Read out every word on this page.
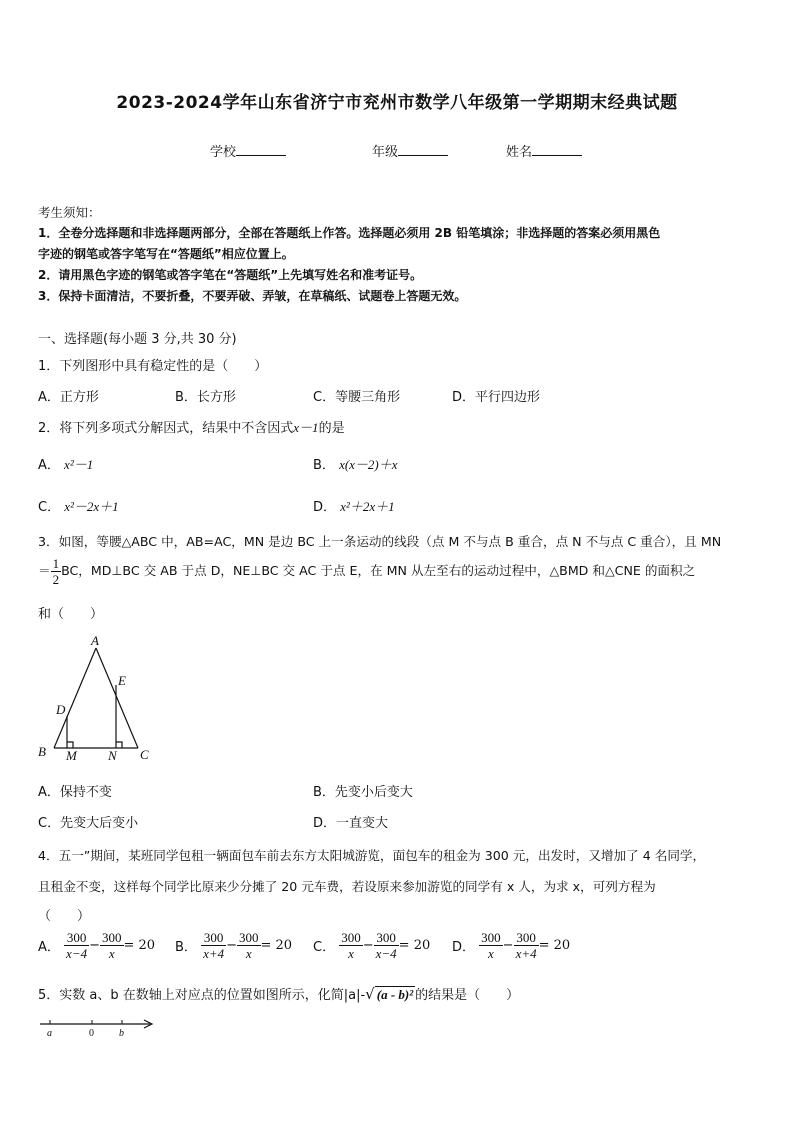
2023-2024学年山东省济宁市兖州市数学八年级第一学期期末经典试题
学校	年级	姓名
考生须知：
1．全卷分选择题和非选择题两部分，全部在答题纸上作答。选择题必须用 2B 铅笔填涂；非选择题的答案必须用黑色
字迹的钢笔或答字笔写在“答题纸”相应位置上。
2．请用黑色字迹的钢笔或答字笔在“答题纸”上先填写姓名和准考证号。
3．保持卡面清洁，不要折叠，不要弄破、弄皱，在草稿纸、试题卷上答题无效。
一、选择题(每小题 3 分,共 30 分)
1．下列图形中具有稳定性的是（　　）
A．正方形	B．长方形	C．等腰三角形	D．平行四边形
2．将下列多项式分解因式，结果中不含因式x－1的是
A． x²－1	B． x(x－2)＋x
C． x²－2x＋1	D． x²＋2x＋1
3．如图，等腰△ABC 中，AB=AC，MN 是边 BC 上一条运动的线段（点 M 不与点 B 重合，点 N 不与点 C 重合），且 MN
＝ $\frac{1}{2}$ BC，MD⊥BC 交 AB 于点 D，NE⊥BC 交 AC 于点 E，在 MN 从左至右的运动过程中，△BMD 和△CNE 的面积之
和（　　）
A
B	C
D
E
M N
A．保持不变	B．先变小后变大
C．先变大后变小	D．一直变大
4．五一”期间，某班同学包租一辆面包车前去东方太阳城游览，面包车的租金为 300 元，出发时，又增加了 4 名同学，
且租金不变，这样每个同学比原来少分摊了 20 元车费，若设原来参加游览的同学有 x 人，为求 x，可列方程为
（　　）
A． $\frac{300}{x-4} - \frac{300}{x} = 20$ B． $\frac{300}{x+4} - \frac{300}{x} = 20$ C． $\frac{300}{x} - \frac{300}{x-4} = 20$ D． $\frac{300}{x} - \frac{300}{x+4} = 20$
5．实数 a、b 在数轴上对应点的位置如图所示，化简|a|-√ (a - b)² 的结果是（　　）
a	0	b
